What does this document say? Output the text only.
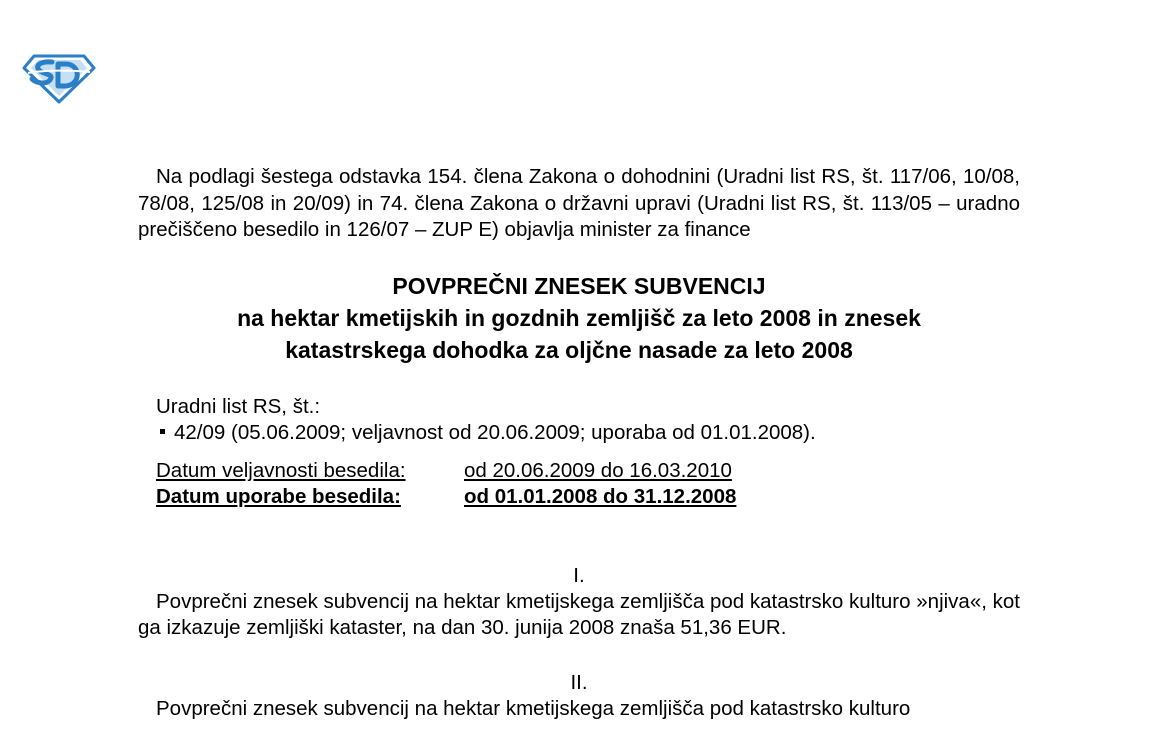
Na podlagi šestega odstavka 154. člena Zakona o dohodnini (Uradni list RS, št. 117/06, 10/08, 78/08, 125/08 in 20/09) in 74. člena Zakona o državni upravi (Uradni list RS, št. 113/05 – uradno prečiščeno besedilo in 126/07 – ZUP E) objavlja minister za finance

POVPREČNI ZNESEK SUBVENCIJ
na hektar kmetijskih in gozdnih zemljišč za leto 2008 in znesek
katastrskega dohodka za oljčne nasade za leto 2008
Uradni list RS, št.:
42/09 (05.06.2009; veljavnost od 20.06.2009; uporaba od 01.01.2008).
Datum veljavnosti besedila:	od 20.06.2009 do 16.03.2010
Datum uporabe besedila:	od 01.01.2008 do 31.12.2008
I.

Povprečni znesek subvencij na hektar kmetijskega zemljišča pod katastrsko kulturo »njiva«, kot ga izkazuje zemljiški kataster, na dan 30. junija 2008 znaša 51,36 EUR.

II.

Povprečni znesek subvencij na hektar kmetijskega zemljišča pod katastrsko kulturo
